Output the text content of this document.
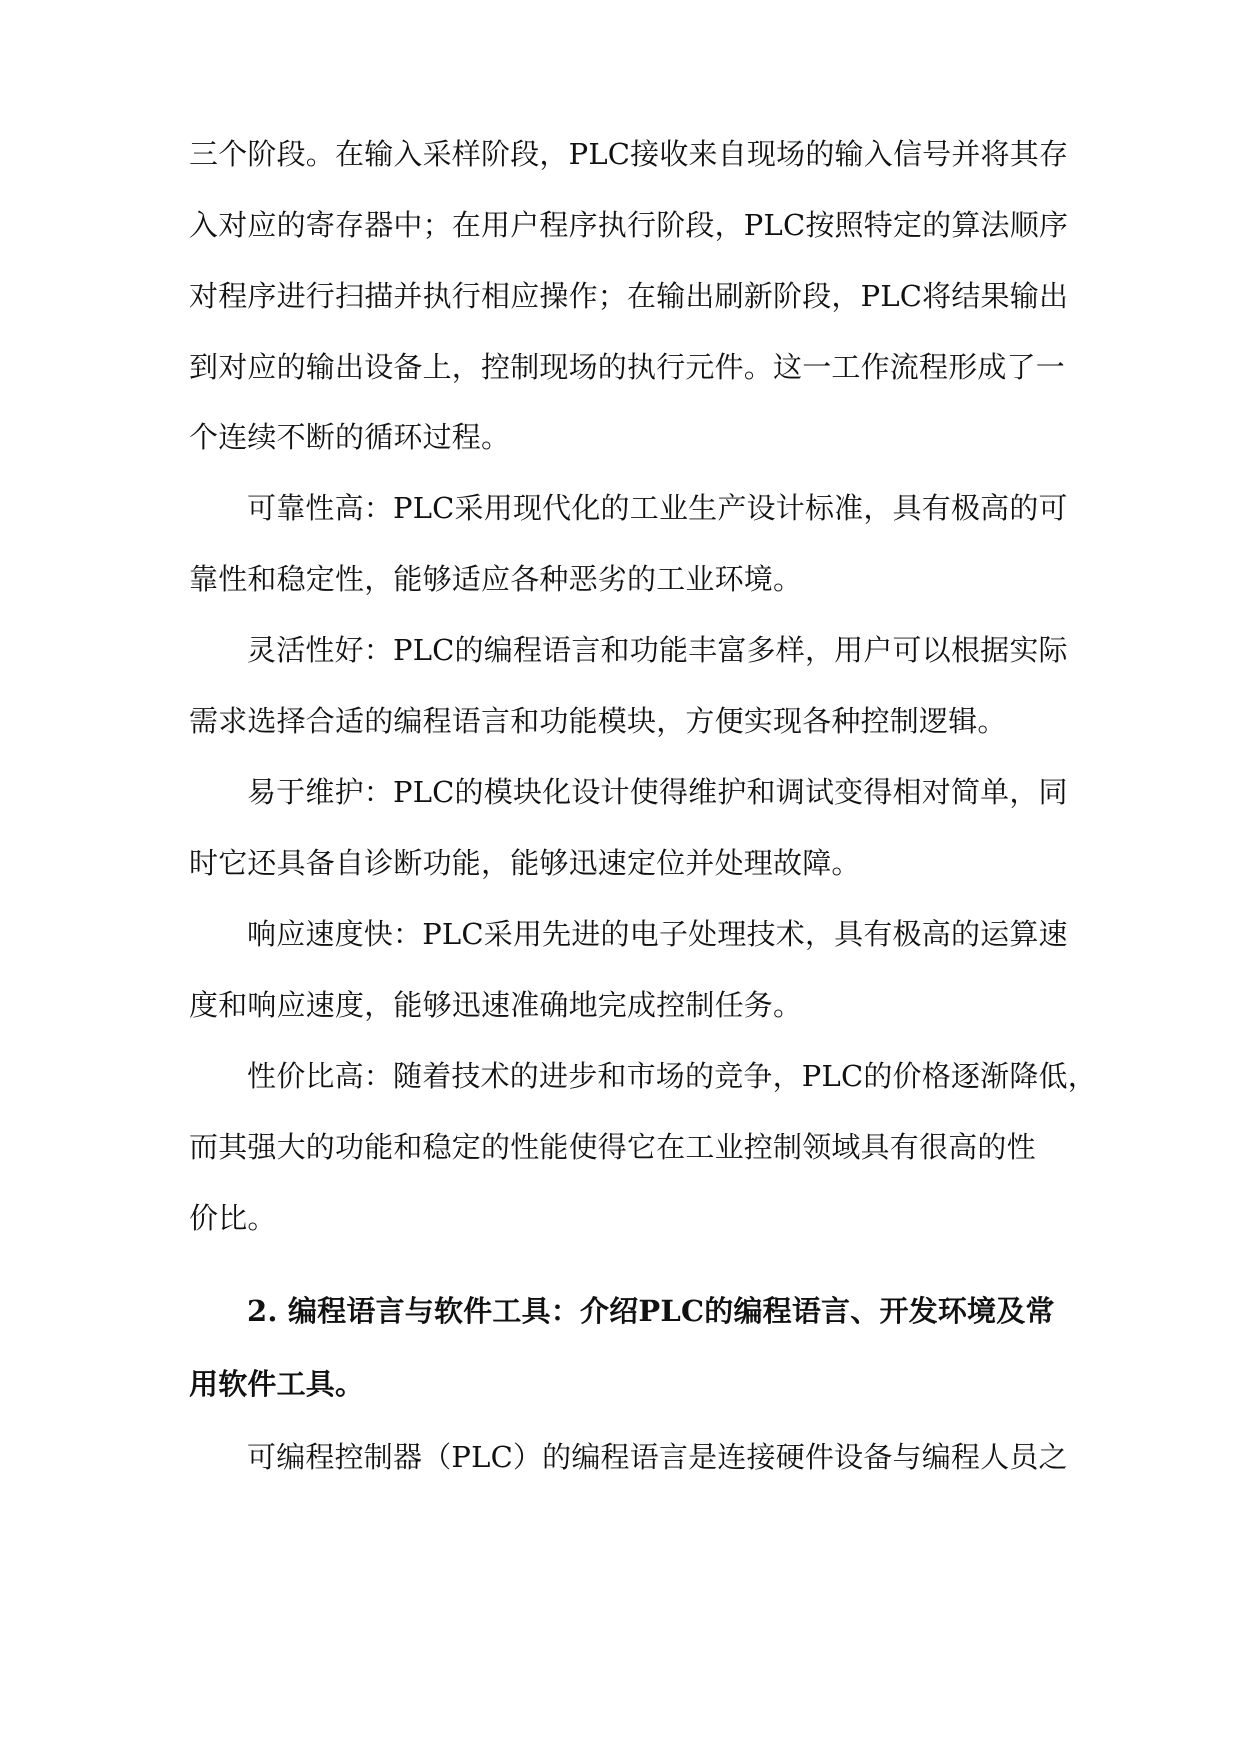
三个阶段。在输入采样阶段，PLC接收来自现场的输入信号并将其存
入对应的寄存器中；在用户程序执行阶段，PLC按照特定的算法顺序
对程序进行扫描并执行相应操作；在输出刷新阶段，PLC将结果输出
到对应的输出设备上，控制现场的执行元件。这一工作流程形成了一
个连续不断的循环过程。
可靠性高：PLC采用现代化的工业生产设计标准，具有极高的可
靠性和稳定性，能够适应各种恶劣的工业环境。
灵活性好：PLC的编程语言和功能丰富多样，用户可以根据实际
需求选择合适的编程语言和功能模块，方便实现各种控制逻辑。
易于维护：PLC的模块化设计使得维护和调试变得相对简单，同
时它还具备自诊断功能，能够迅速定位并处理故障。
响应速度快：PLC采用先进的电子处理技术，具有极高的运算速
度和响应速度，能够迅速准确地完成控制任务。
性价比高：随着技术的进步和市场的竞争，PLC的价格逐渐降低，
而其强大的功能和稳定的性能使得它在工业控制领域具有很高的性
价比。
2. 编程语言与软件工具：介绍PLC的编程语言、开发环境及常
用软件工具。
可编程控制器（PLC）的编程语言是连接硬件设备与编程人员之
